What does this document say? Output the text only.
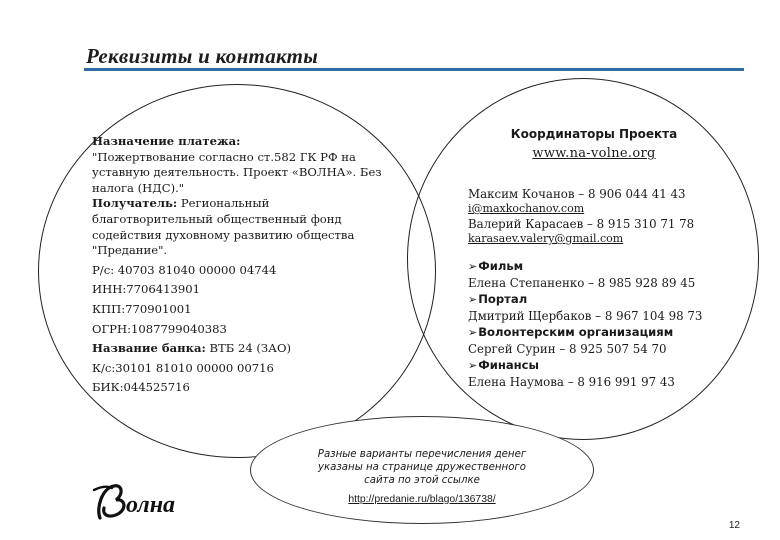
Реквизиты и контакты

Назначение платежа:

"Пожертвование согласно ст.582 ГК РФ на уставную деятельность. Проект «ВОЛНА». Без налога (НДС)."

Получатель: Региональный благотворительный общественный фонд содействия духовному развитию общества "Предание".

Р/с: 40703 81040 00000 04744

ИНН:7706413901

КПП:770901001

ОГРН:1087799040383

Название банка: ВТБ 24 (ЗАО)

К/с:30101 81010 00000 00716

БИК:044525716

Координаторы Проекта
www.na-volne.org

Максим Кочанов – 8 906 044 41 43

i@maxkochanov.com

Валерий Карасаев – 8 915 310 71 78

karasaev.valery@gmail.com

➢Фильм

Елена Степаненко – 8 985 928 89 45

➢Портал

Дмитрий Щербаков – 8 967 104 98 73

➢Волонтерским организациям

Сергей Сурин – 8 925 507 54 70

➢Финансы

Елена Наумова – 8 916 991 97 43

Разные варианты перечисления денег указаны на странице дружественного сайта по этой ссылке
http://predanie.ru/blago/136738/
олна
12
